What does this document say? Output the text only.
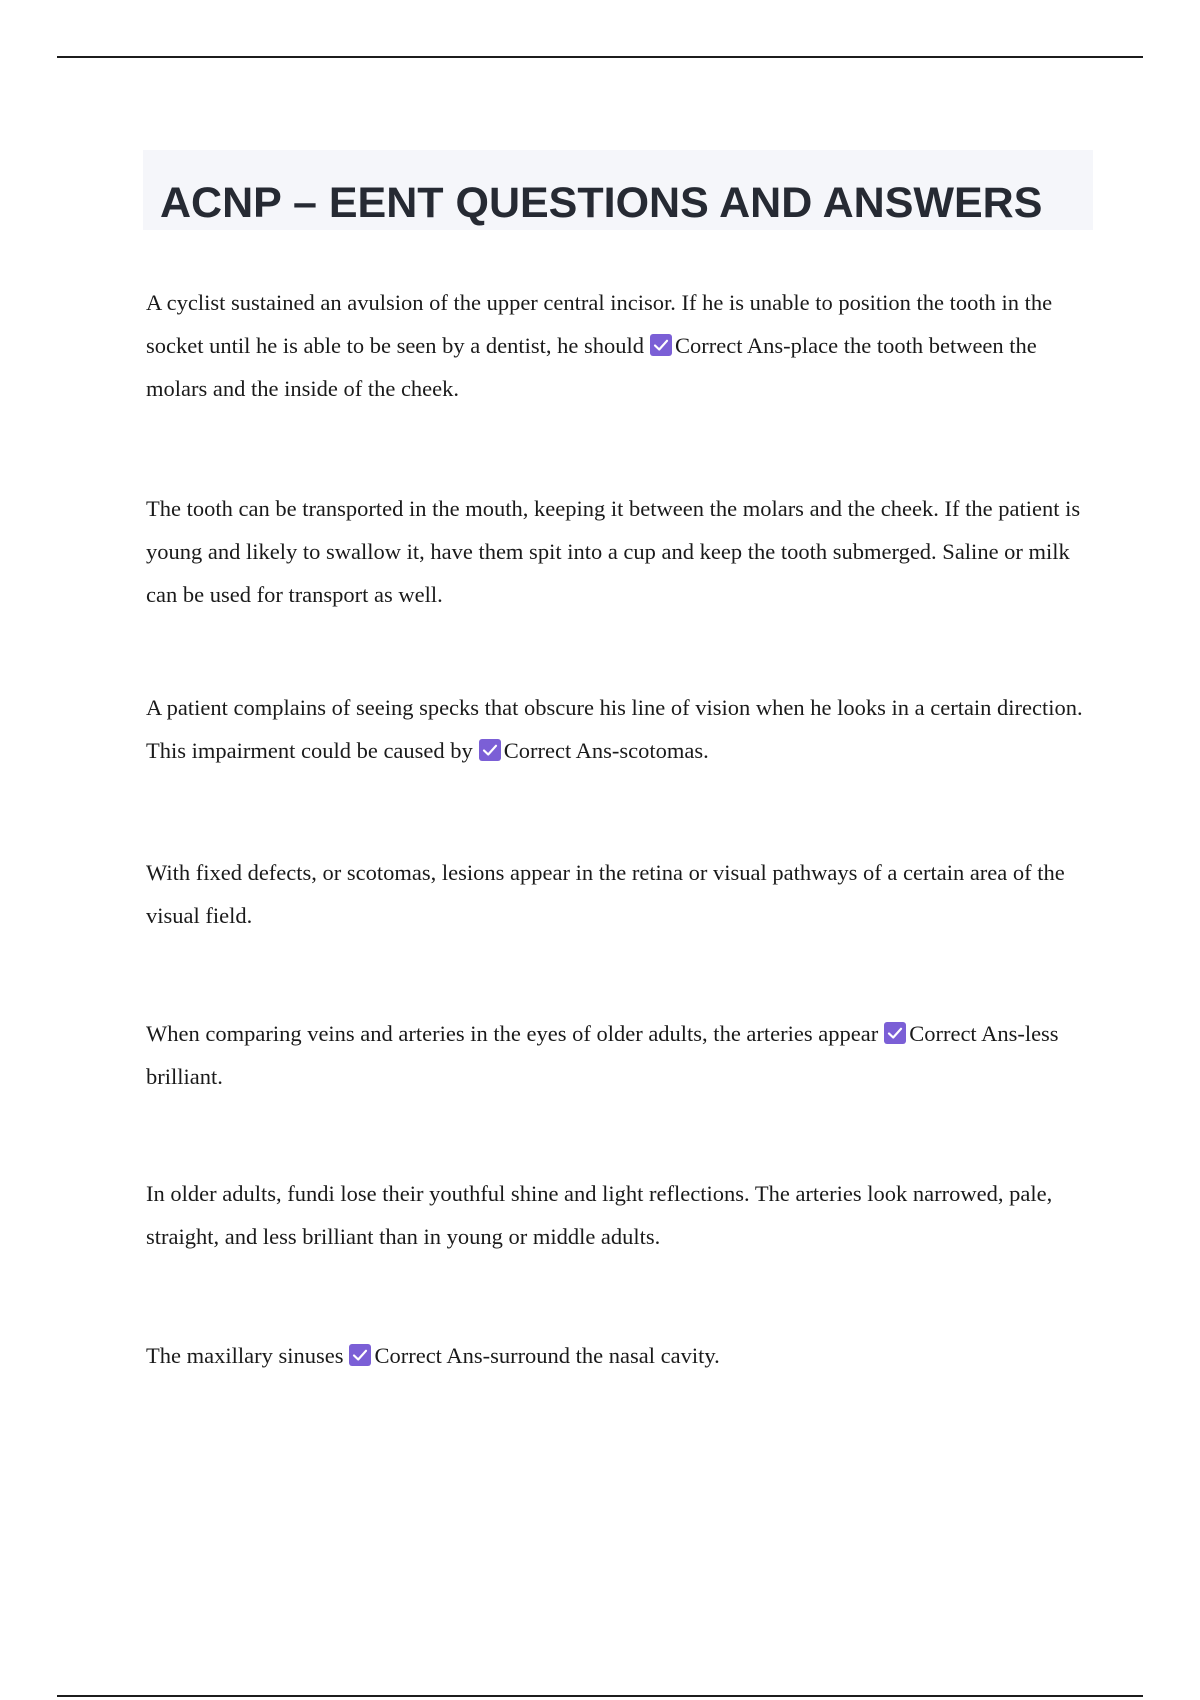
ACNP – EENT QUESTIONS AND ANSWERS

A cyclist sustained an avulsion of the upper central incisor. If he is unable to position the tooth in the socket until he is able to be seen by a dentist, he should Correct Ans-place the tooth between the molars and the inside of the cheek.

The tooth can be transported in the mouth, keeping it between the molars and the cheek. If the patient is young and likely to swallow it, have them spit into a cup and keep the tooth submerged. Saline or milk can be used for transport as well.

A patient complains of seeing specks that obscure his line of vision when he looks in a certain direction. This impairment could be caused by Correct Ans-scotomas.

With fixed defects, or scotomas, lesions appear in the retina or visual pathways of a certain area of the visual field.

When comparing veins and arteries in the eyes of older adults, the arteries appear Correct Ans-less brilliant.

In older adults, fundi lose their youthful shine and light reflections. The arteries look narrowed, pale, straight, and less brilliant than in young or middle adults.

The maxillary sinuses Correct Ans-surround the nasal cavity.
